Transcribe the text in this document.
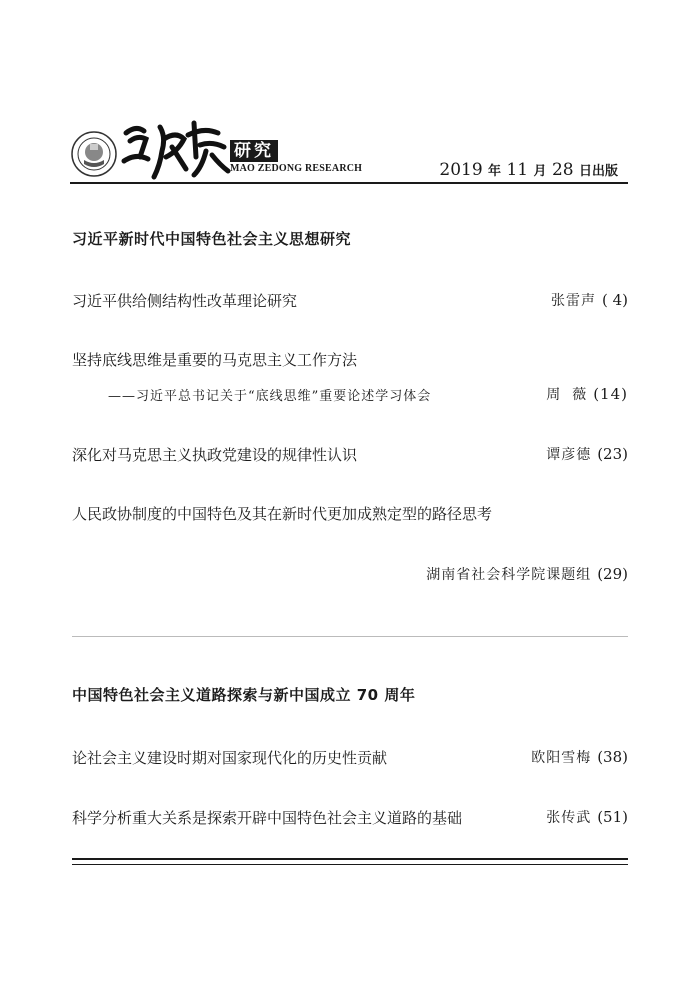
研究
MAO ZEDONG RESEARCH	2019 年 11 月 28 日出版
习近平新时代中国特色社会主义思想研究
习近平供给侧结构性改革理论研究	张雷声 ( 4)
坚持底线思维是重要的马克思主义工作方法
——习近平总书记关于“底线思维”重要论述学习体会	周  薇 (14)
深化对马克思主义执政党建设的规律性认识	谭彦德 (23)
人民政协制度的中国特色及其在新时代更加成熟定型的路径思考
湖南省社会科学院课题组 (29)
中国特色社会主义道路探索与新中国成立 70 周年
论社会主义建设时期对国家现代化的历史性贡献	欧阳雪梅 (38)
科学分析重大关系是探索开辟中国特色社会主义道路的基础	张传武 (51)
